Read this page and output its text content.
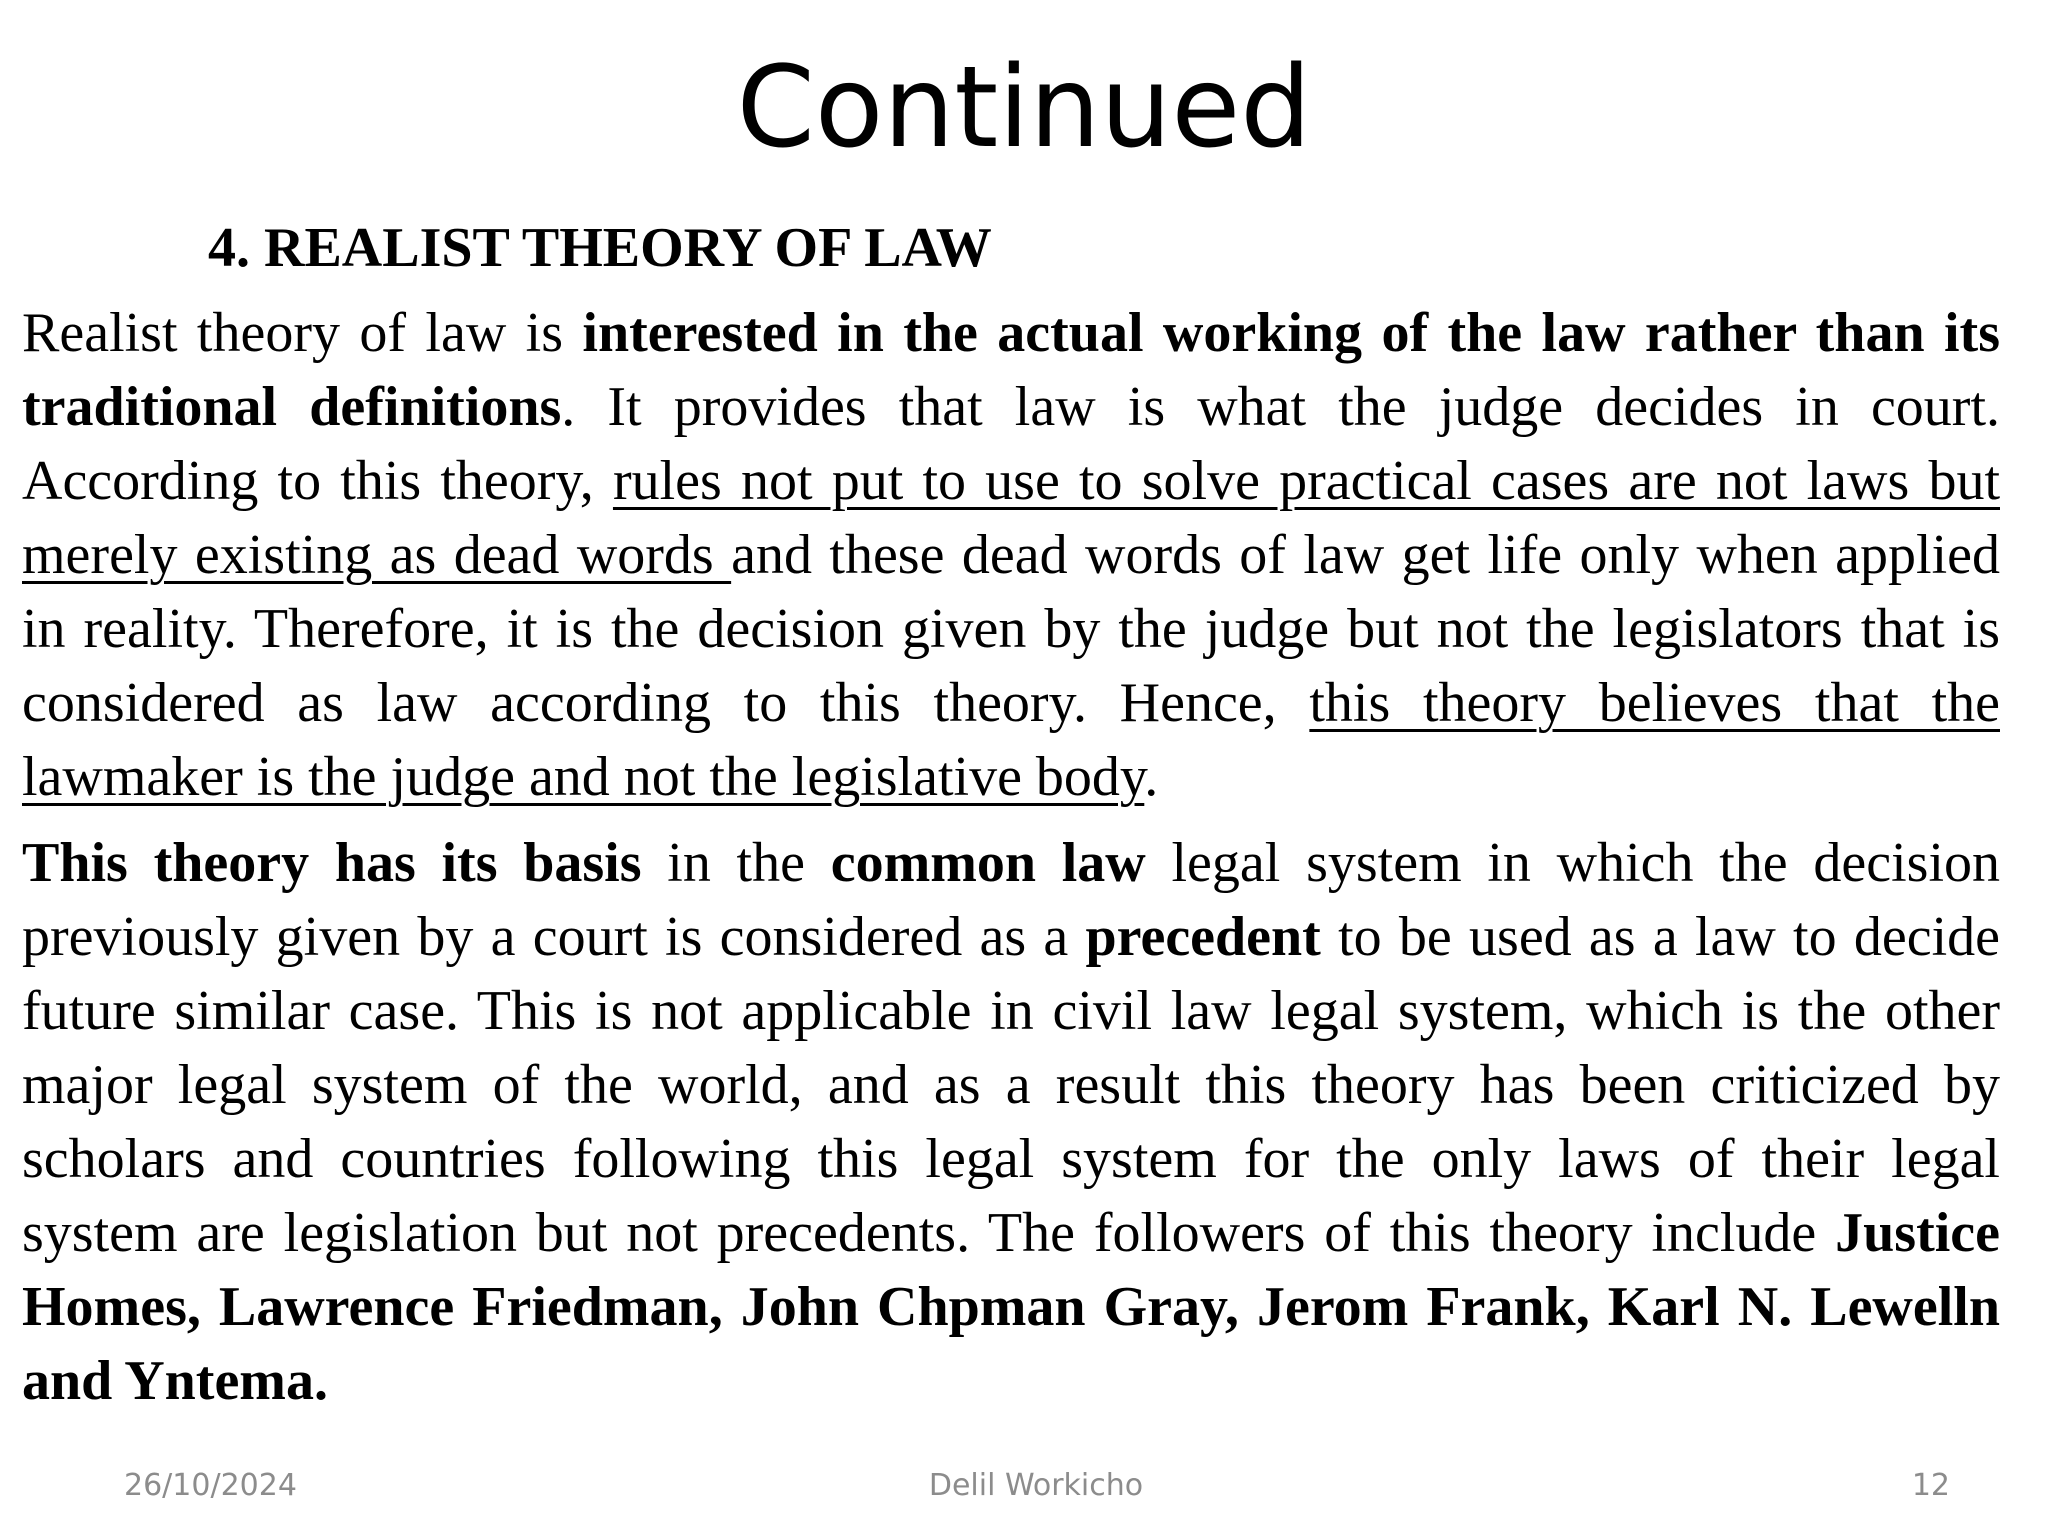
Continued
4. REALIST THEORY OF LAW

Realist theory of law is interested in the actual working of the law rather than its traditional definitions. It provides that law is what the judge decides in court. According to this theory, rules not put to use to solve practical cases are not laws but merely existing as dead words and these dead words of law get life only when applied in reality. Therefore, it is the decision given by the judge but not the legislators that is considered as law according to this theory. Hence, this theory believes that the lawmaker is the judge and not the legislative body.

This theory has its basis in the common law legal system in which the decision previously given by a court is considered as a precedent to be used as a law to decide future similar case. This is not applicable in civil law legal system, which is the other major legal system of the world, and as a result this theory has been criticized by scholars and countries following this legal system for the only laws of their legal system are legislation but not precedents. The followers of this theory include Justice Homes, Lawrence Friedman, John Chpman Gray, Jerom Frank, Karl N. Lewelln and Yntema.

26/10/2024	Delil Workicho	12
